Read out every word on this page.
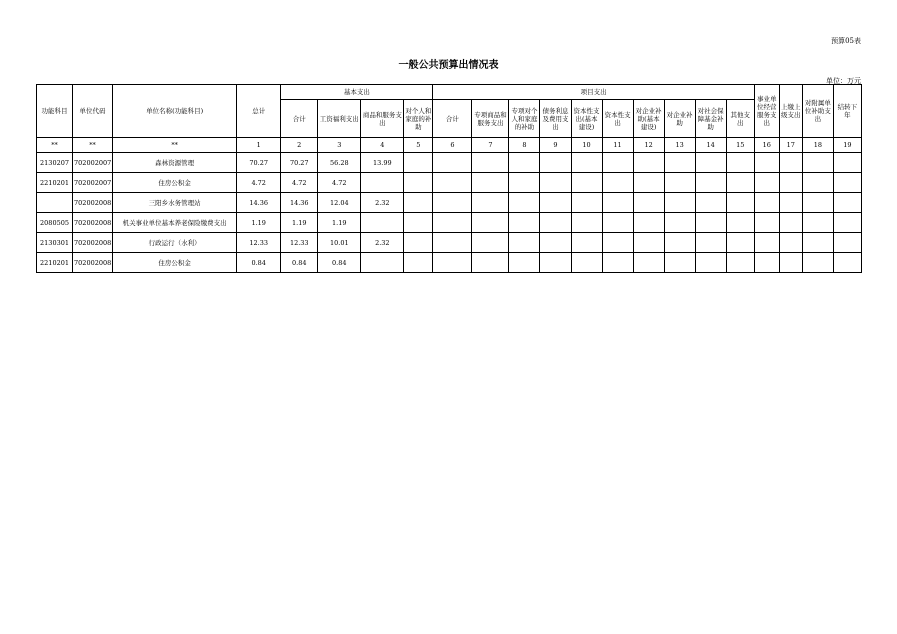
预算05表
一般公共预算出情况表
单位：万元
功能科目	单位代码	单位名称(功能科目)	总计	基本支出				项目支出										事业单位经营服务支出	上缴上级支出	对附属单位补助支出	结转下年
				合计	工资福利支出	商品和服务支出	对个人和家庭的补助	合计	专项商品和服务支出	专项对个人和家庭的补助	债务利息及费用支出	资本性支出(基本建设)	资本性支出	对企业补助(基本建设)	对企业补助	对社会保障基金补助	其他支出				
**	**	**	1	2	3	4	5	6	7	8	9	10	11	12	13	14	15	16	17	18	19
2130207	702002007	森林资源管理	70.27	70.27	56.28	13.99															
2210201	702002007	住房公积金	4.72	4.72	4.72																
	702002008	三阳乡水务管理站	14.36	14.36	12.04	2.32															
2080505	702002008	机关事业单位基本养老保险缴费支出	1.19	1.19	1.19																
2130301	702002008	行政运行（水利）	12.33	12.33	10.01	2.32															
2210201	702002008	住房公积金	0.84	0.84	0.84																
